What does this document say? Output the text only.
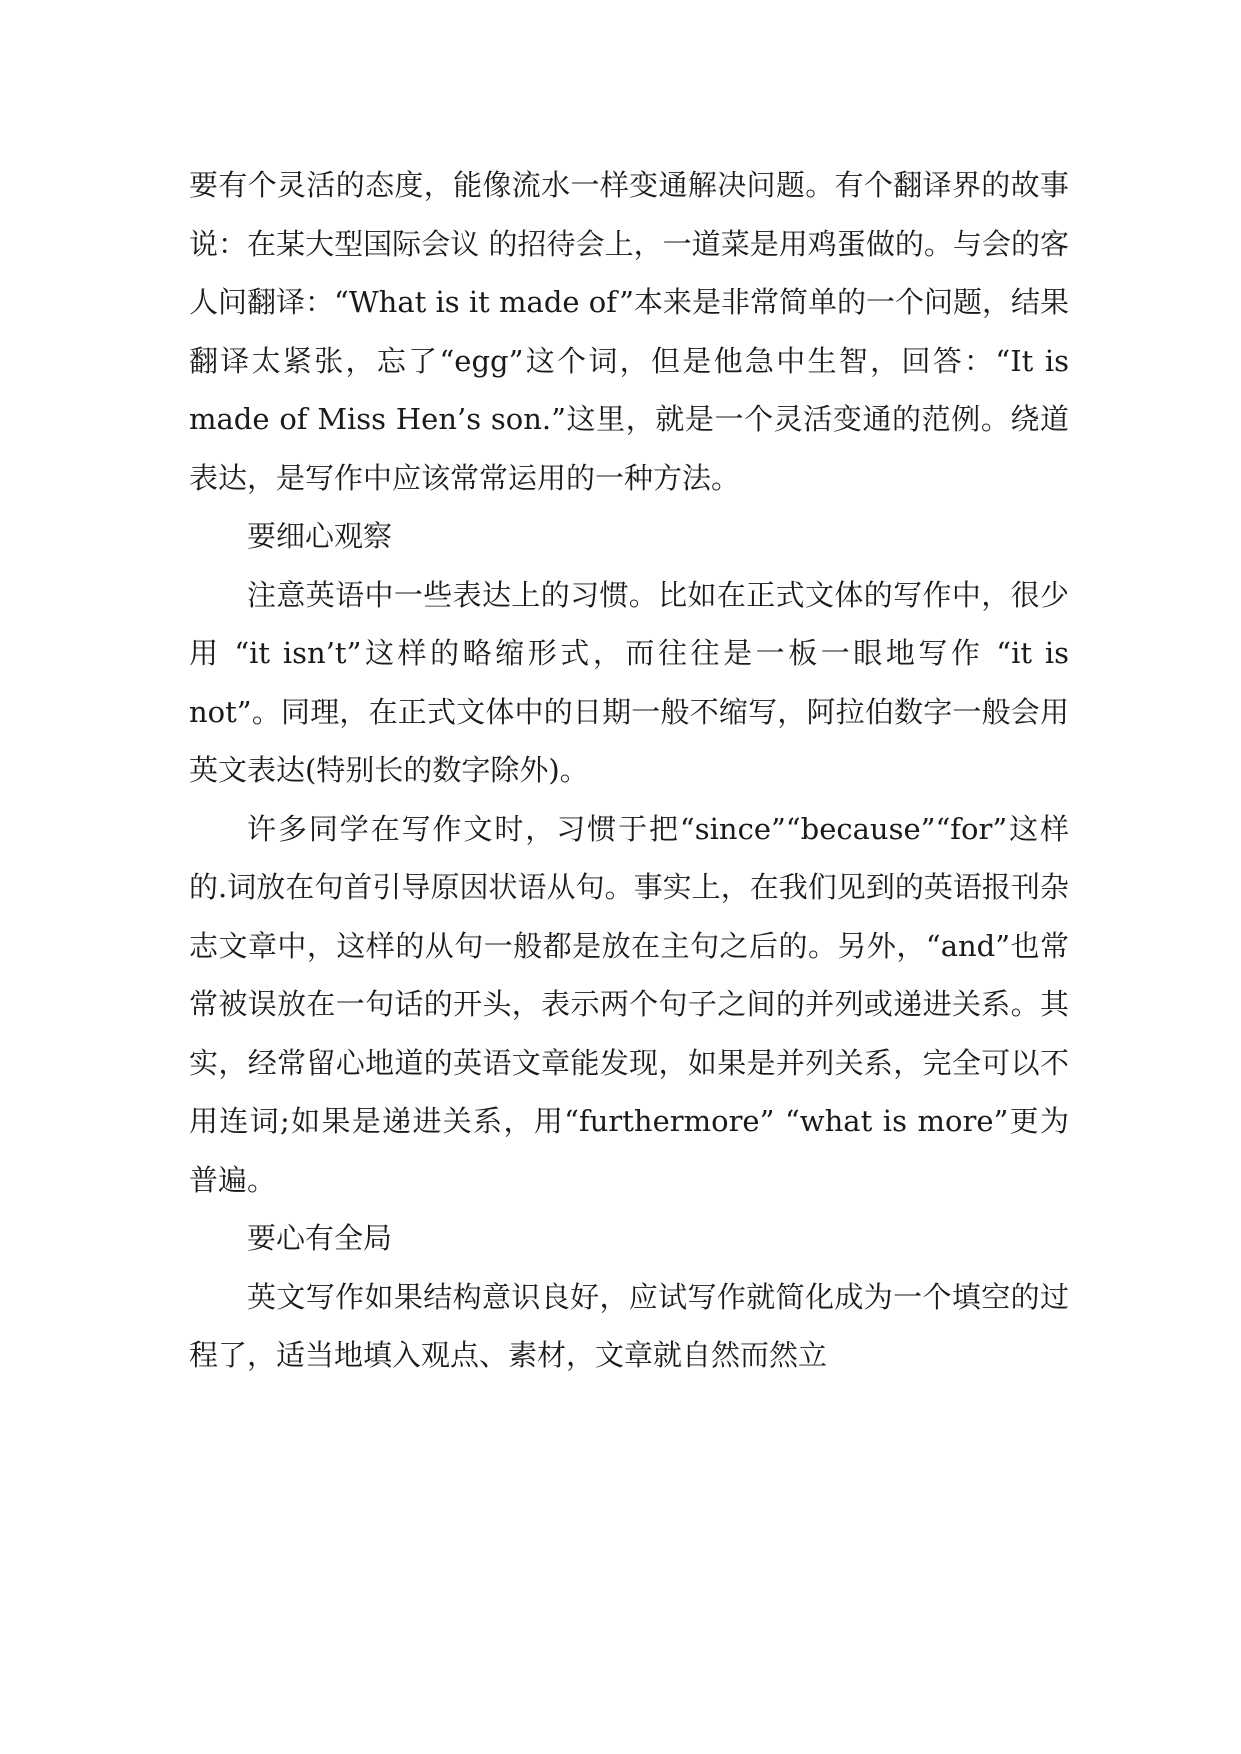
要有个灵活的态度，能像流水一样变通解决问题。有个翻译界的故事说：在某大型国际会议 的招待会上，一道菜是用鸡蛋做的。与会的客人问翻译：“What is it made of”本来是非常简单的一个问题，结果翻译太紧张，忘了“egg”这个词，但是他急中生智，回答：“It is made of Miss Hen’s son.”这里，就是一个灵活变通的范例。绕道表达，是写作中应该常常运用的一种方法。

要细心观察

注意英语中一些表达上的习惯。比如在正式文体的写作中，很少用 “it isn’t”这样的略缩形式，而往往是一板一眼地写作 “it is not”。同理，在正式文体中的日期一般不缩写，阿拉伯数字一般会用英文表达(特别长的数字除外)。

许多同学在写作文时，习惯于把“since”“because”“for”这样的.词放在句首引导原因状语从句。事实上，在我们见到的英语报刊杂志文章中，这样的从句一般都是放在主句之后的。另外，“and”也常常被误放在一句话的开头，表示两个句子之间的并列或递进关系。其实，经常留心地道的英语文章能发现，如果是并列关系，完全可以不用连词;如果是递进关系，用“furthermore” “what is more”更为普遍。

要心有全局

英文写作如果结构意识良好，应试写作就简化成为一个填空的过程了，适当地填入观点、素材，文章就自然而然立
